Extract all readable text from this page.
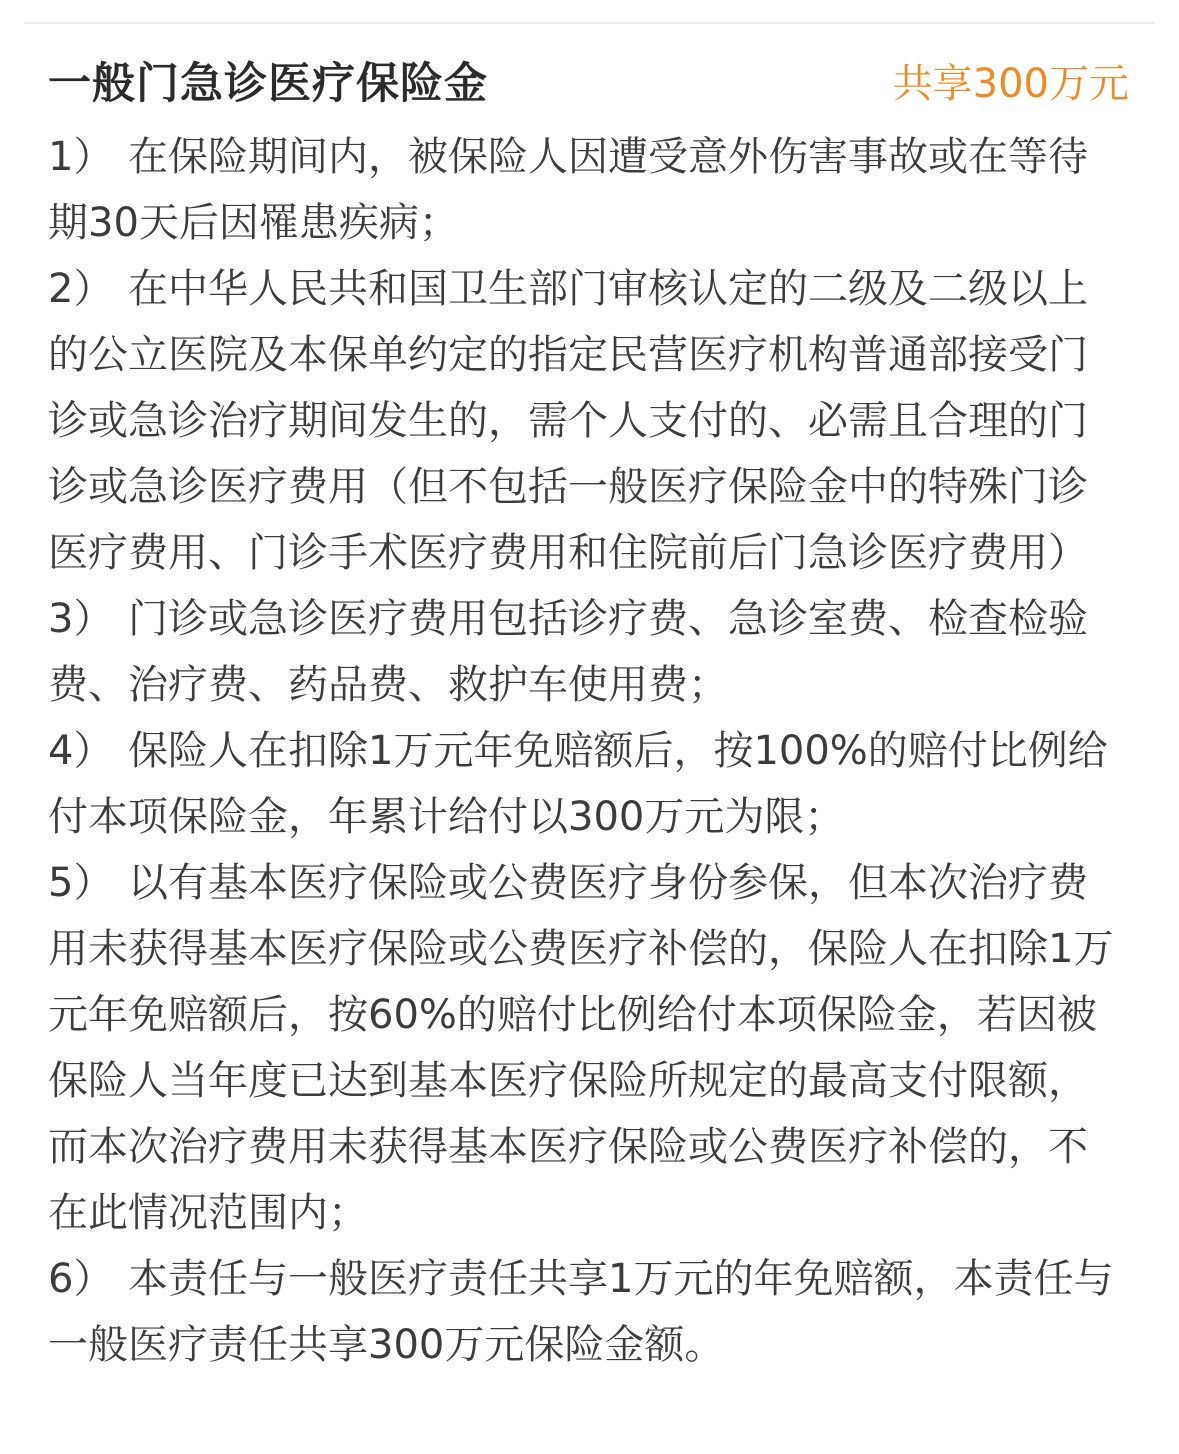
一般门急诊医疗保险金	共享300万元
1） 在保险期间内，被保险人因遭受意外伤害事故或在等待期30天后因罹患疾病；
2） 在中华人民共和国卫生部门审核认定的二级及二级以上的公立医院及本保单约定的指定民营医疗机构普通部接受门诊或急诊治疗期间发生的，需个人支付的、必需且合理的门诊或急诊医疗费用（但不包括一般医疗保险金中的特殊门诊医疗费用、门诊手术医疗费用和住院前后门急诊医疗费用）
3） 门诊或急诊医疗费用包括诊疗费、急诊室费、检查检验费、治疗费、药品费、救护车使用费；
4） 保险人在扣除1万元年免赔额后，按100%的赔付比例给付本项保险金，年累计给付以300万元为限；
5） 以有基本医疗保险或公费医疗身份参保，但本次治疗费用未获得基本医疗保险或公费医疗补偿的，保险人在扣除1万元年免赔额后，按60%的赔付比例给付本项保险金，若因被保险人当年度已达到基本医疗保险所规定的最高支付限额，而本次治疗费用未获得基本医疗保险或公费医疗补偿的，不在此情况范围内；
6） 本责任与一般医疗责任共享1万元的年免赔额，本责任与一般医疗责任共享300万元保险金额。
